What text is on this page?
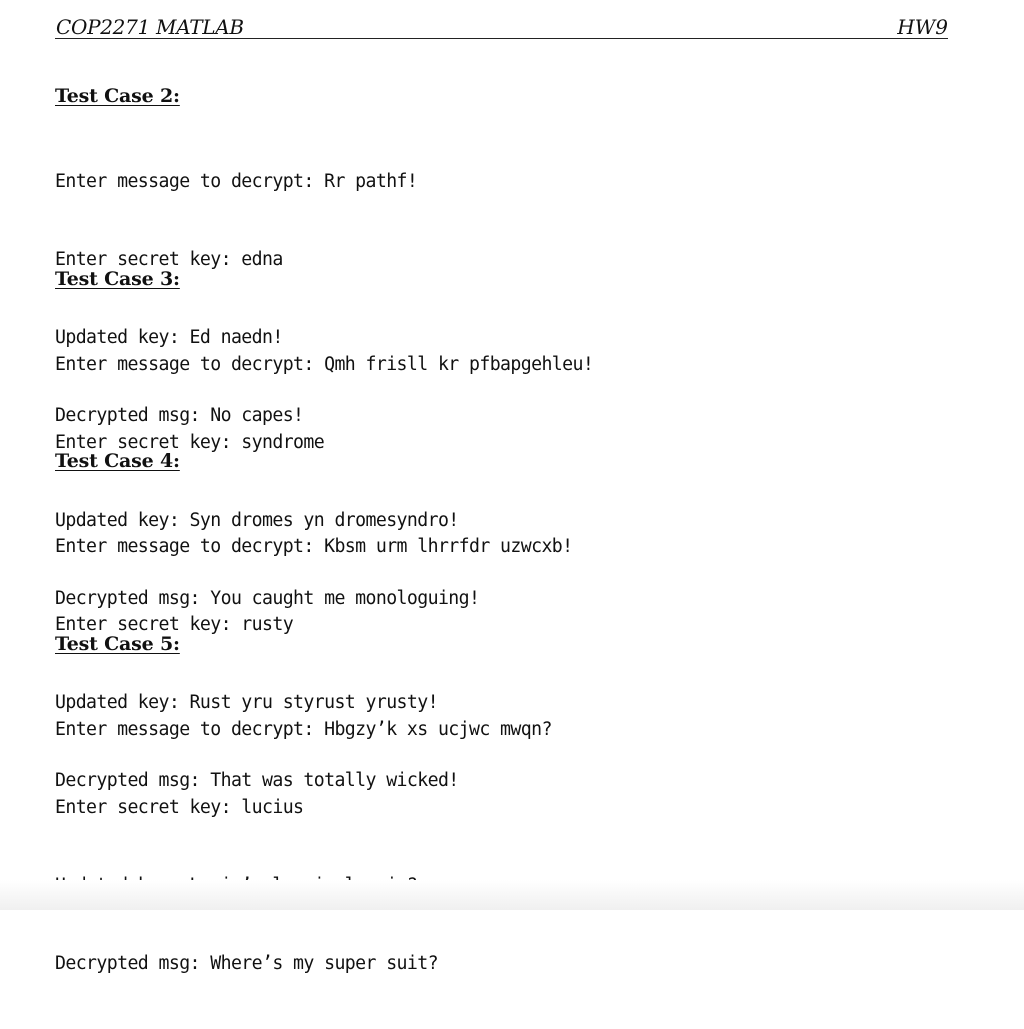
COP2271 MATLAB	HW9
Test Case 2:

Enter message to decrypt: Rr pathf!

Enter secret key: edna

Updated key: Ed naedn!

Decrypted msg: No capes!

Test Case 3:

Enter message to decrypt: Qmh frisll kr pfbapgehleu!

Enter secret key: syndrome

Updated key: Syn dromes yn dromesyndro!

Decrypted msg: You caught me monologuing!

Test Case 4:

Enter message to decrypt: Kbsm urm lhrrfdr uzwcxb!

Enter secret key: rusty

Updated key: Rust yru styrust yrusty!

Decrypted msg: That was totally wicked!

Test Case 5:

Enter message to decrypt: Hbgzy’k xs ucjwc mwqn?

Enter secret key: lucius

Decrypted msg: Where’s my super suit?
